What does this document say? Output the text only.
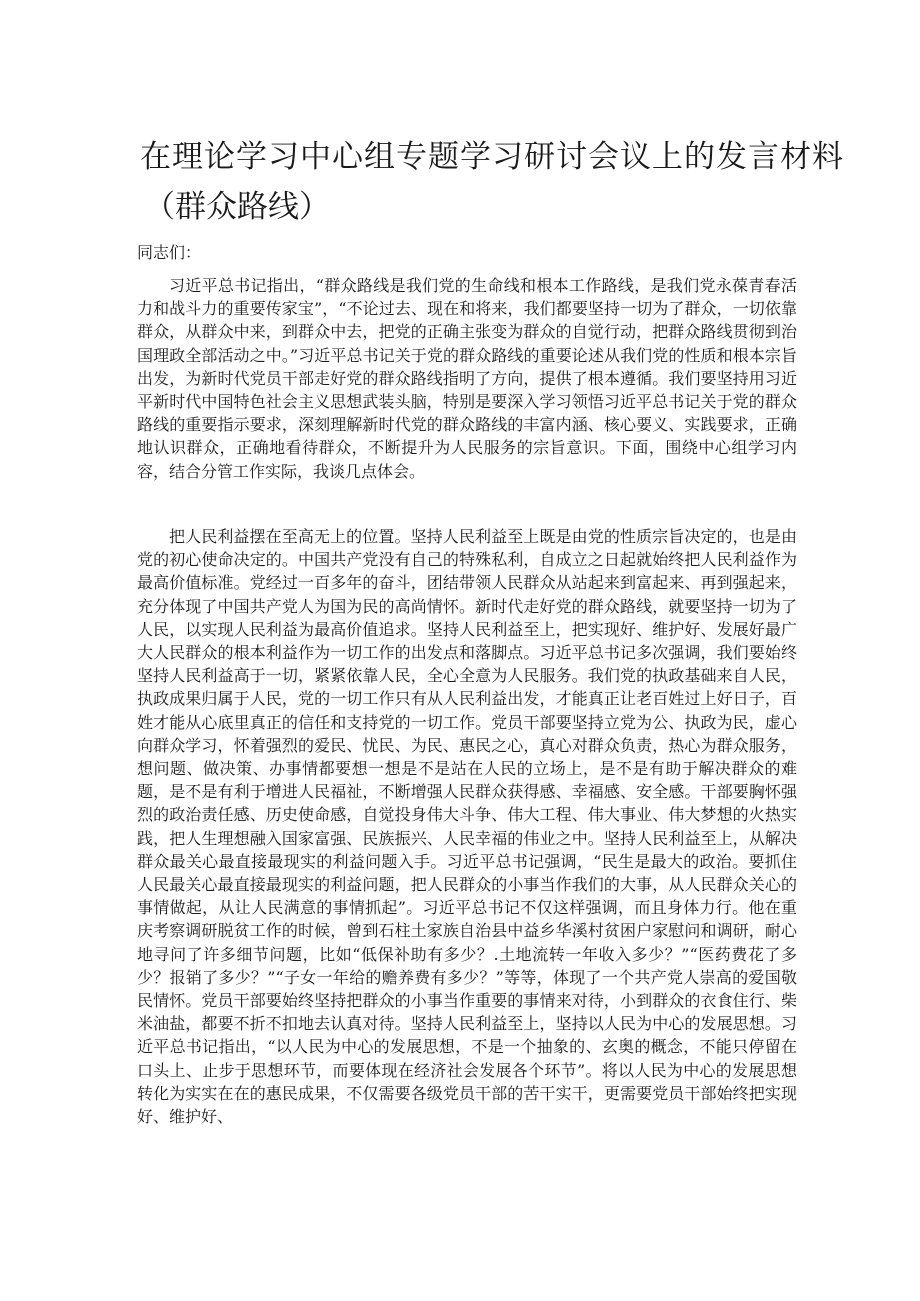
在理论学习中心组专题学习研讨会议上的发言材料
（群众路线）

同志们：

习近平总书记指出，“群众路线是我们党的生命线和根本工作路线，是我们党永葆青春活力和战斗力的重要传家宝”，“不论过去、现在和将来，我们都要坚持一切为了群众，一切依靠群众，从群众中来，到群众中去，把党的正确主张变为群众的自觉行动，把群众路线贯彻到治国理政全部活动之中。”习近平总书记关于党的群众路线的重要论述从我们党的性质和根本宗旨出发，为新时代党员干部走好党的群众路线指明了方向，提供了根本遵循。我们要坚持用习近平新时代中国特色社会主义思想武装头脑，特别是要深入学习领悟习近平总书记关于党的群众路线的重要指示要求，深刻理解新时代党的群众路线的丰富内涵、核心要义、实践要求，正确地认识群众，正确地看待群众，不断提升为人民服务的宗旨意识。下面，围绕中心组学习内容，结合分管工作实际，我谈几点体会。

把人民利益摆在至高无上的位置。坚持人民利益至上既是由党的性质宗旨决定的，也是由党的初心使命决定的。中国共产党没有自己的特殊私利，自成立之日起就始终把人民利益作为最高价值标准。党经过一百多年的奋斗，团结带领人民群众从站起来到富起来、再到强起来，充分体现了中国共产党人为国为民的高尚情怀。新时代走好党的群众路线，就要坚持一切为了人民，以实现人民利益为最高价值追求。坚持人民利益至上，把实现好、维护好、发展好最广大人民群众的根本利益作为一切工作的出发点和落脚点。习近平总书记多次强调，我们要始终坚持人民利益高于一切，紧紧依靠人民，全心全意为人民服务。我们党的执政基础来自人民，执政成果归属于人民，党的一切工作只有从人民利益出发，才能真正让老百姓过上好日子，百姓才能从心底里真正的信任和支持党的一切工作。党员干部要坚持立党为公、执政为民，虚心向群众学习，怀着强烈的爱民、忧民、为民、惠民之心，真心对群众负责，热心为群众服务，想问题、做决策、办事情都要想一想是不是站在人民的立场上，是不是有助于解决群众的难题，是不是有利于增进人民福祉，不断增强人民群众获得感、幸福感、安全感。干部要胸怀强烈的政治责任感、历史使命感，自觉投身伟大斗争、伟大工程、伟大事业、伟大梦想的火热实践，把人生理想融入国家富强、民族振兴、人民幸福的伟业之中。坚持人民利益至上，从解决群众最关心最直接最现实的利益问题入手。习近平总书记强调，“民生是最大的政治。要抓住人民最关心最直接最现实的利益问题，把人民群众的小事当作我们的大事，从人民群众关心的事情做起，从让人民满意的事情抓起”。习近平总书记不仅这样强调，而且身体力行。他在重庆考察调研脱贫工作的时候，曾到石柱土家族自治县中益乡华溪村贫困户家慰问和调研，耐心地寻问了许多细节问题，比如“低保补助有多少？.土地流转一年收入多少？”“医药费花了多少？报销了多少？”“子女一年给的赡养费有多少？”等等，体现了一个共产党人崇高的爱国敬民情怀。党员干部要始终坚持把群众的小事当作重要的事情来对待，小到群众的衣食住行、柴米油盐，都要不折不扣地去认真对待。坚持人民利益至上，坚持以人民为中心的发展思想。习近平总书记指出，“以人民为中心的发展思想，不是一个抽象的、玄奥的概念，不能只停留在口头上、止步于思想环节，而要体现在经济社会发展各个环节”。将以人民为中心的发展思想转化为实实在在的惠民成果，不仅需要各级党员干部的苦干实干，更需要党员干部始终把实现好、维护好、
